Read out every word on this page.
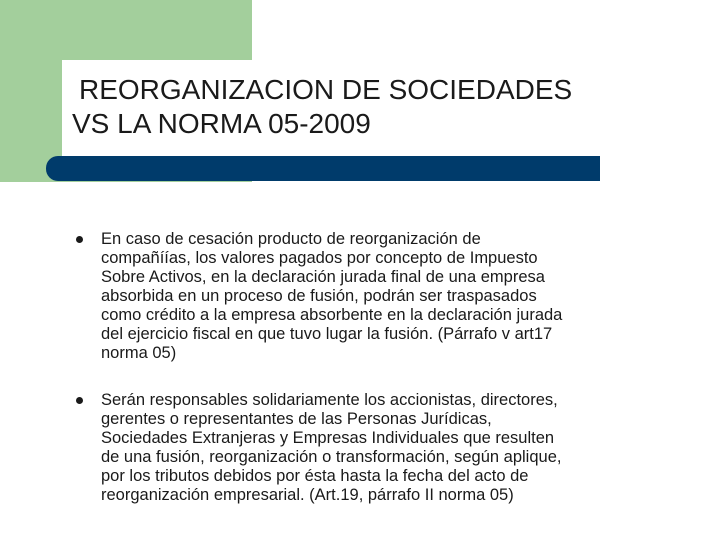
REORGANIZACION DE SOCIEDADES
VS LA NORMA 05-2009

En caso de cesación producto de reorganización de
compañíías, los valores pagados por concepto de Impuesto
Sobre Activos, en la declaración jurada final de una empresa
absorbida en un proceso de fusión, podrán ser traspasados
como crédito a la empresa absorbente en la declaración jurada
del ejercicio fiscal en que tuvo lugar la fusión. (Párrafo v art17
norma 05)

Serán responsables solidariamente los accionistas, directores,
gerentes o representantes de las Personas Jurídicas,
Sociedades Extranjeras y Empresas Individuales que resulten
de una fusión, reorganización o transformación, según aplique,
por los tributos debidos por ésta hasta la fecha del acto de
reorganización empresarial. (Art.19, párrafo II norma 05)
